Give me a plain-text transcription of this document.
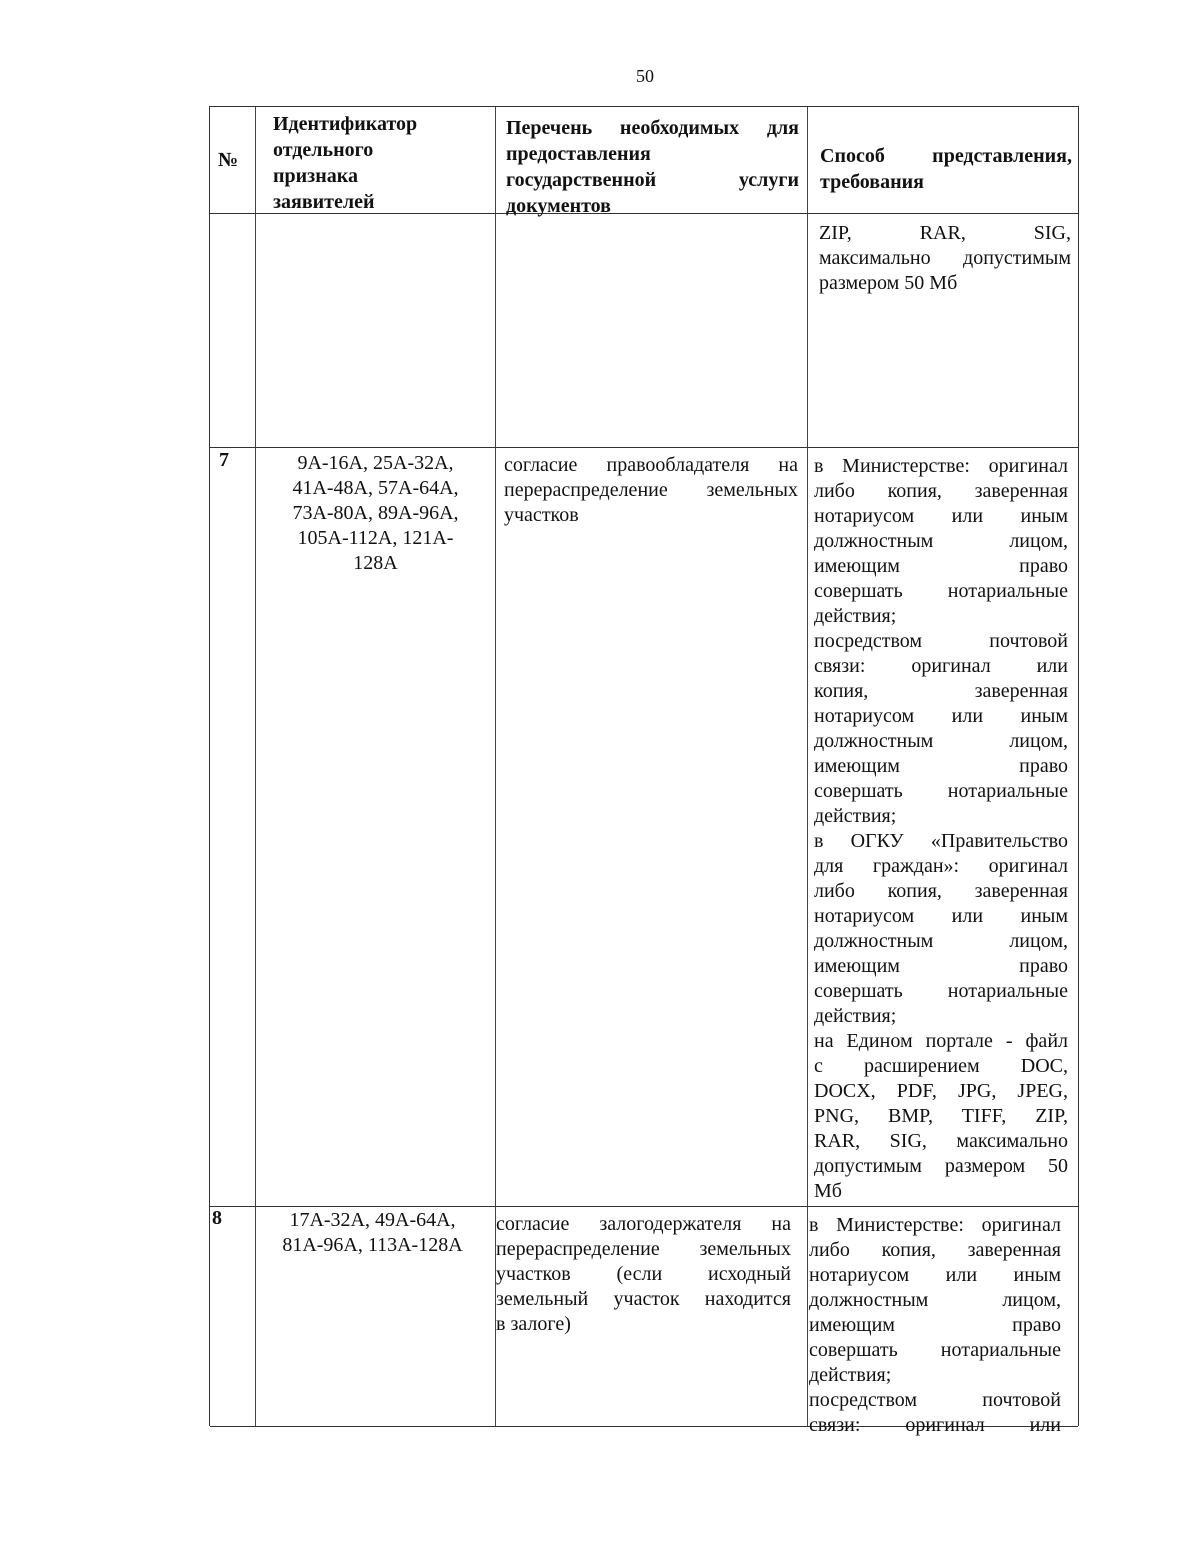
50
№
Идентификатор
отдельного
признака
заявителей
Перечень необходимых для
предоставления
государственной услуги
документов
Способ представления,
требования
ZIP, RAR, SIG,
максимально допустимым
размером 50 Мб
7	9А-16А, 25А-32А,
41А-48А, 57А-64А,
73А-80А, 89А-96А,
105А-112А, 121А-
128А
согласие правообладателя на
перераспределение земельных
участков
в Министерстве: оригинал
либо копия, заверенная
нотариусом или иным
должностным лицом,
имеющим право
совершать нотариальные
действия;
посредством почтовой
связи: оригинал или
копия, заверенная
нотариусом или иным
должностным лицом,
имеющим право
совершать нотариальные
действия;
в ОГКУ «Правительство
для граждан»: оригинал
либо копия, заверенная
нотариусом или иным
должностным лицом,
имеющим право
совершать нотариальные
действия;
на Едином портале - файл
с расширением DOC,
DOCX, PDF, JPG, JPEG,
PNG, BMP, TIFF, ZIP,
RAR, SIG, максимально
допустимым размером 50
Мб
8	17А-32А, 49А-64А,
81А-96А, 113А-128А
согласие залогодержателя на
перераспределение земельных
участков (если исходный
земельный участок находится
в залоге)
в Министерстве: оригинал
либо копия, заверенная
нотариусом или иным
должностным лицом,
имеющим право
совершать нотариальные
действия;
посредством почтовой
связи: оригинал или
